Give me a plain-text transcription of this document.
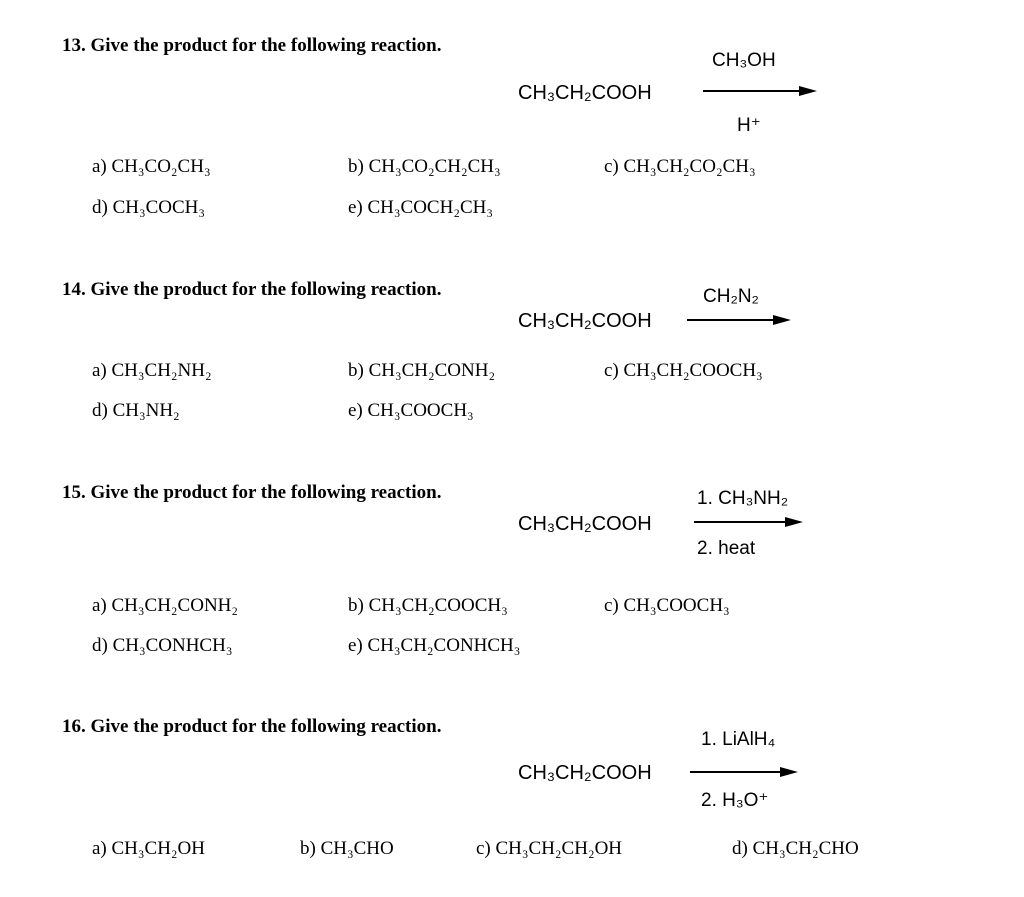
13. Give the product for the following reaction.
CH₃OH
CH₃CH₂COOH
H⁺
a) CH₃CO₂CH₃	b) CH₃CO₂CH₂CH₃	c) CH₃CH₂CO₂CH₃
d) CH₃COCH₃	e) CH₃COCH₂CH₃
14. Give the product for the following reaction.	CH₂N₂
CH₃CH₂COOH
a) CH₃CH₂NH₂	b) CH₃CH₂CONH₂	c) CH₃CH₂COOCH₃
d) CH₃NH₂	e) CH₃COOCH₃
15. Give the product for the following reaction.	1. CH₃NH₂
CH₃CH₂COOH
2. heat
a) CH₃CH₂CONH₂	b) CH₃CH₂COOCH₃	c) CH₃COOCH₃
d) CH₃CONHCH₃	e) CH₃CH₂CONHCH₃
16. Give the product for the following reaction.
1. LiAlH₄
CH₃CH₂COOH
2. H₃O⁺
a) CH₃CH₂OH	b) CH₃CHO	c) CH₃CH₂CH₂OH	d) CH₃CH₂CHO
